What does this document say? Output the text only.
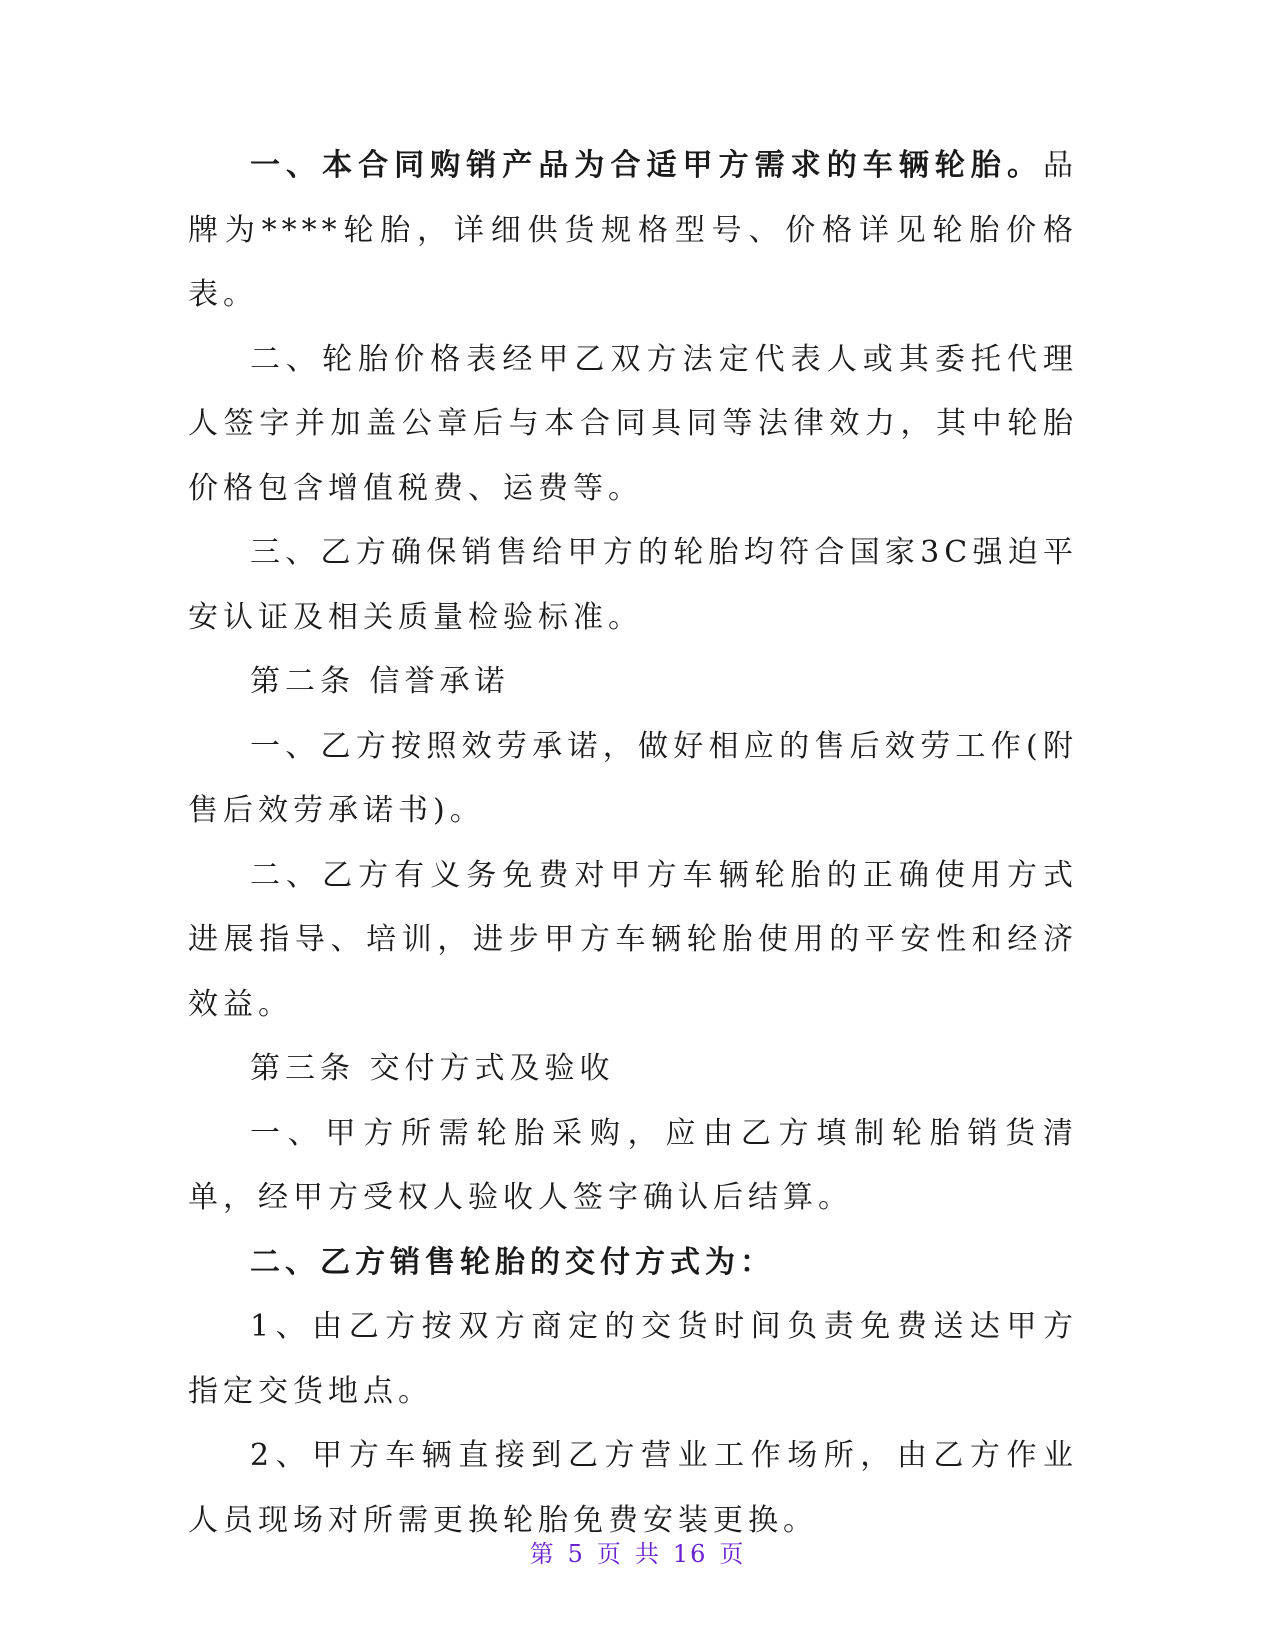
一、本合同购销产品为合适甲方需求的车辆轮胎。品牌为****轮胎，详细供货规格型号、价格详见轮胎价格表。

二、轮胎价格表经甲乙双方法定代表人或其委托代理人签字并加盖公章后与本合同具同等法律效力，其中轮胎价格包含增值税费、运费等。

三、乙方确保销售给甲方的轮胎均符合国家3C强迫平安认证及相关质量检验标准。

第二条 信誉承诺

一、乙方按照效劳承诺，做好相应的售后效劳工作(附售后效劳承诺书)。

二、乙方有义务免费对甲方车辆轮胎的正确使用方式进展指导、培训，进步甲方车辆轮胎使用的平安性和经济效益。

第三条 交付方式及验收

一、甲方所需轮胎采购，应由乙方填制轮胎销货清单，经甲方受权人验收人签字确认后结算。

二、乙方销售轮胎的交付方式为：

1、由乙方按双方商定的交货时间负责免费送达甲方指定交货地点。

2、甲方车辆直接到乙方营业工作场所，由乙方作业人员现场对所需更换轮胎免费安装更换。

第 5 页 共 16 页
